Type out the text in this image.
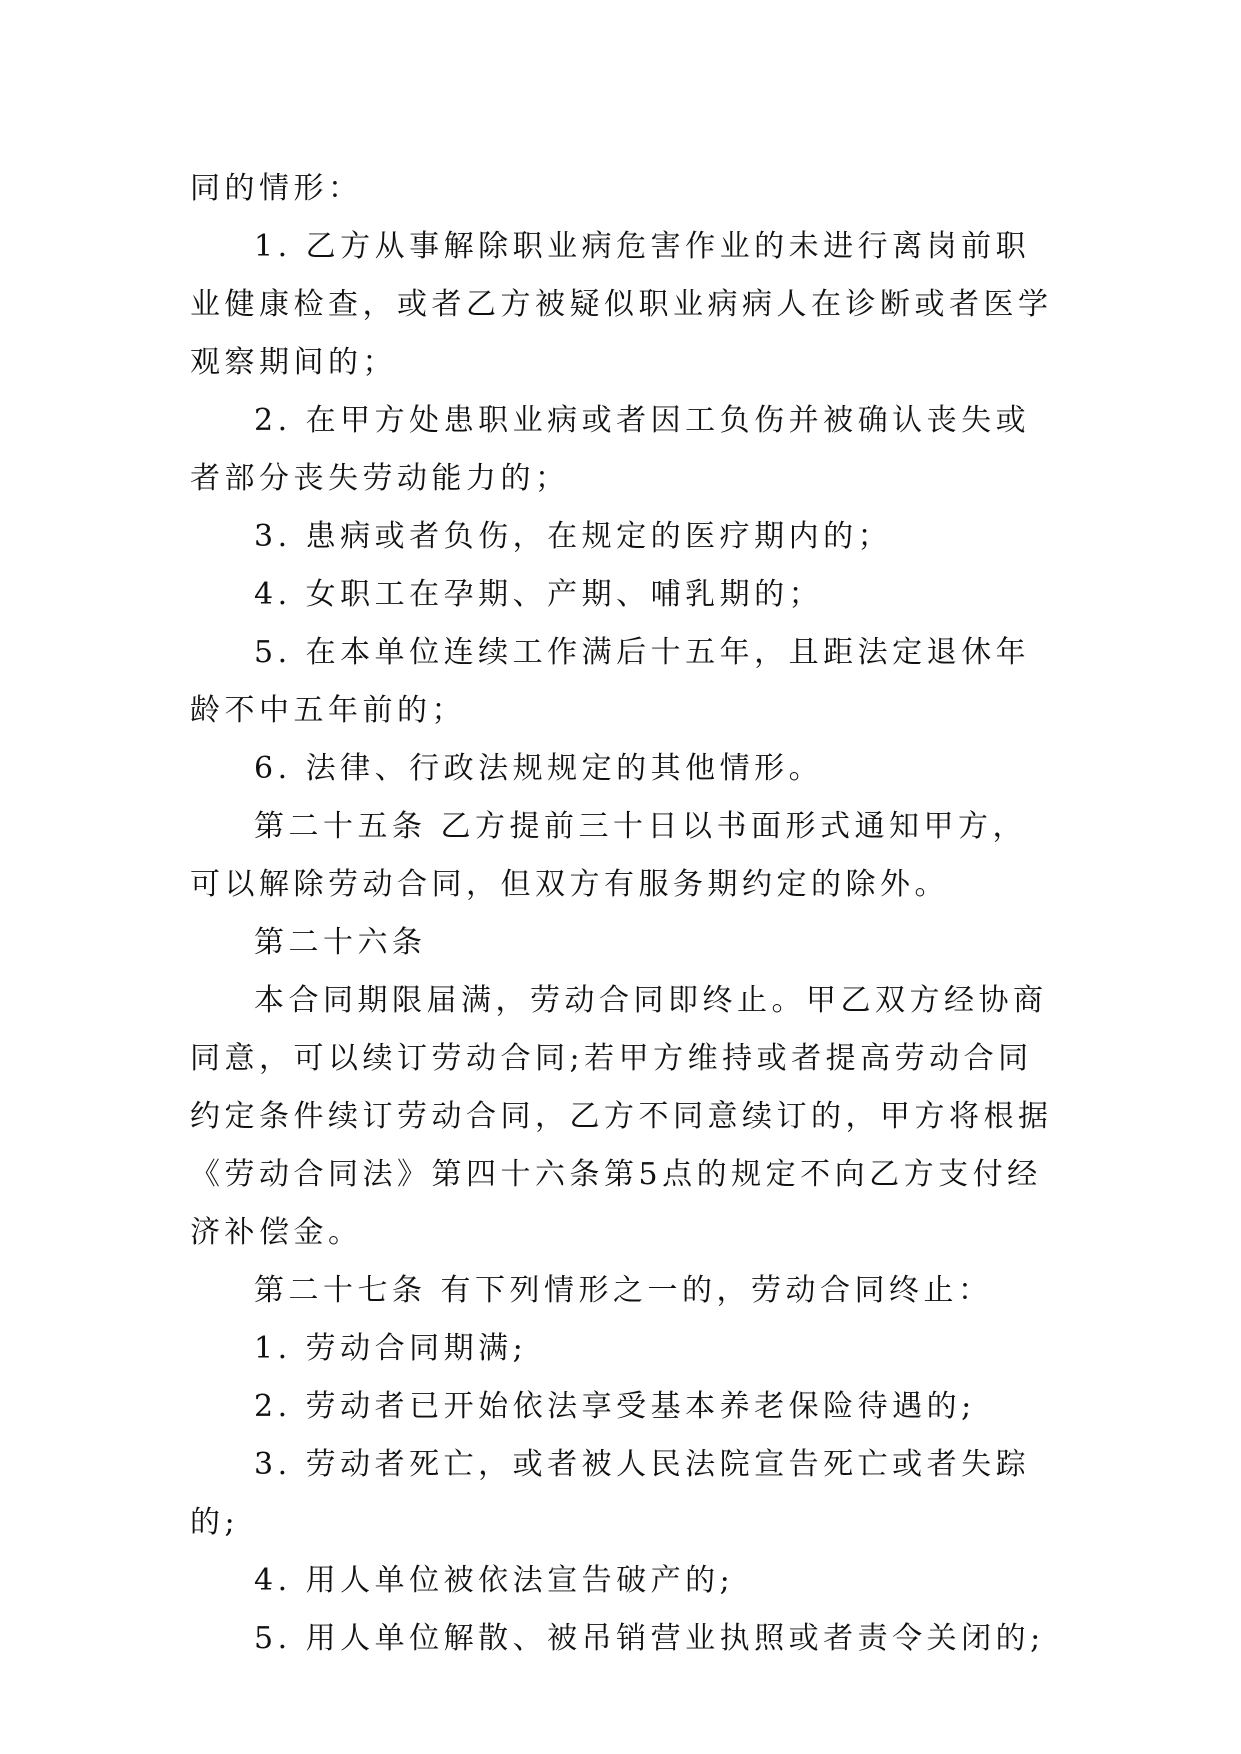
同的情形：

1. 乙方从事解除职业病危害作业的未进行离岗前职业健康检查，或者乙方被疑似职业病病人在诊断或者医学观察期间的；

2. 在甲方处患职业病或者因工负伤并被确认丧失或者部分丧失劳动能力的；

3. 患病或者负伤，在规定的医疗期内的；

4. 女职工在孕期、产期、哺乳期的；

5. 在本单位连续工作满后十五年，且距法定退休年龄不中五年前的；

6. 法律、行政法规规定的其他情形。

第二十五条 乙方提前三十日以书面形式通知甲方，可以解除劳动合同，但双方有服务期约定的除外。

第二十六条

本合同期限届满，劳动合同即终止。甲乙双方经协商同意，可以续订劳动合同;若甲方维持或者提高劳动合同约定条件续订劳动合同，乙方不同意续订的，甲方将根据《劳动合同法》第四十六条第5点的规定不向乙方支付经济补偿金。

第二十七条 有下列情形之一的，劳动合同终止：

1. 劳动合同期满;

2. 劳动者已开始依法享受基本养老保险待遇的;

3. 劳动者死亡，或者被人民法院宣告死亡或者失踪的;

4. 用人单位被依法宣告破产的;

5. 用人单位解散、被吊销营业执照或者责令关闭的;
